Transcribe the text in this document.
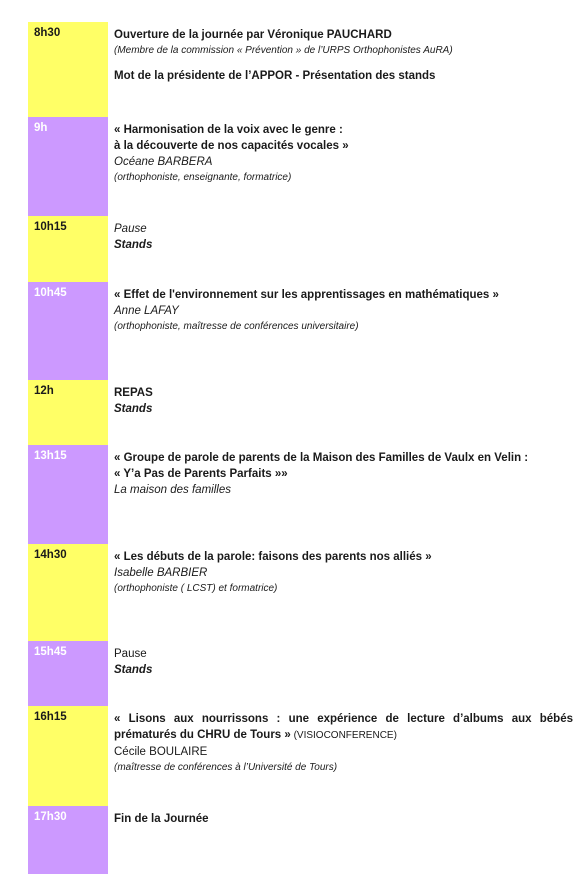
8h30	Ouverture de la journée par Véronique PAUCHARD
(Membre de la commission « Prévention » de l’URPS Orthophonistes AuRA)
Mot de la présidente de l’APPOR - Présentation des stands
9h	« Harmonisation de la voix avec le genre :
à la découverte de nos capacités vocales »
Océane BARBERA
(orthophoniste, enseignante, formatrice)
10h15	Pause
Stands
10h45	« Effet de l'environnement sur les apprentissages en mathématiques »
Anne LAFAY
(orthophoniste, maîtresse de conférences universitaire)
12h	REPAS
Stands
13h15	« Groupe de parole de parents de la Maison des Familles de Vaulx en Velin :
« Y’a Pas de Parents Parfaits »»
La maison des familles
14h30	« Les débuts de la parole: faisons des parents nos alliés »
Isabelle BARBIER
(orthophoniste ( LCST) et formatrice)
15h45	Pause
Stands
16h15	« Lisons aux nourrissons : une expérience de lecture d’albums aux bébés prématurés du CHRU de Tours » (VISIOCONFERENCE)
Cécile BOULAIRE
(maîtresse de conférences à l’Université de Tours)
17h30	Fin de la Journée
